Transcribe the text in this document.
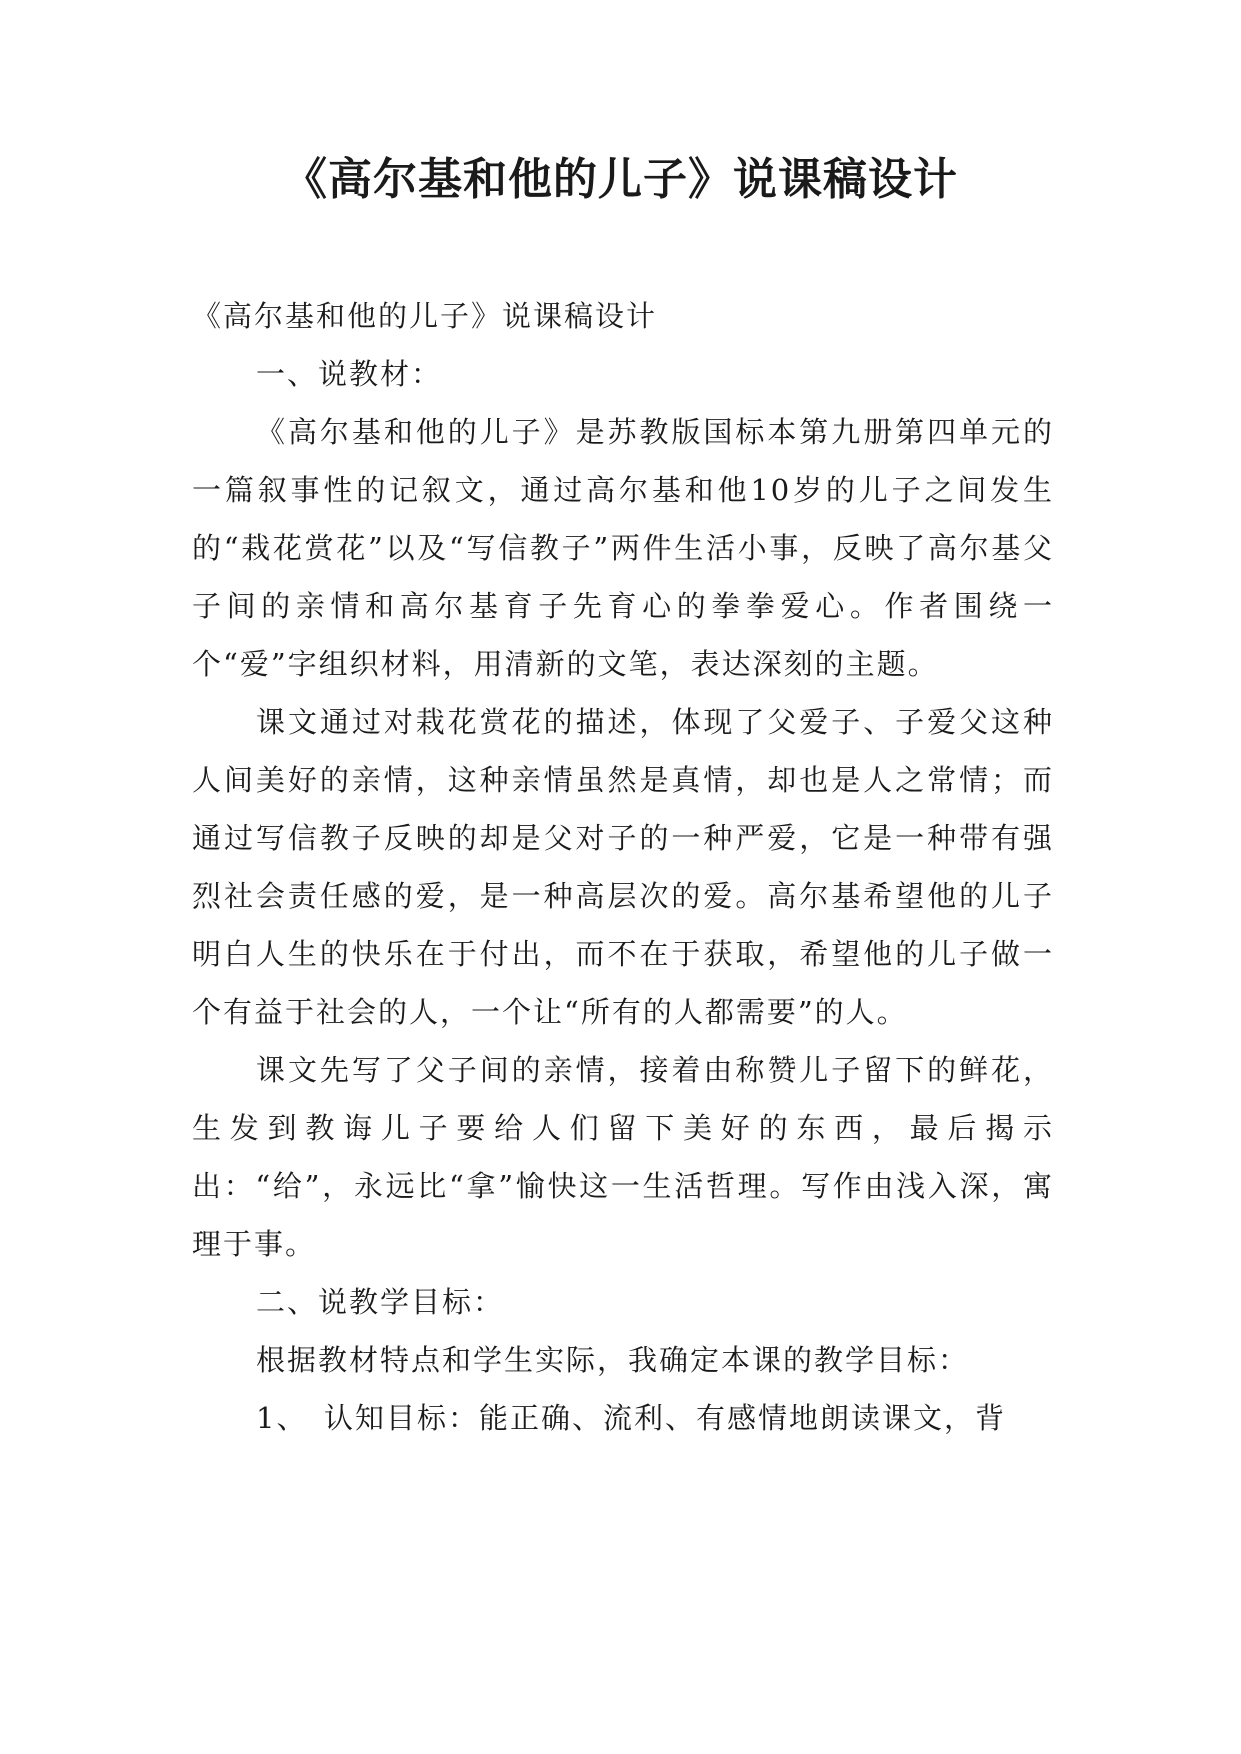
《高尔基和他的儿子》说课稿设计

《高尔基和他的儿子》说课稿设计

一、说教材：

《高尔基和他的儿子》是苏教版国标本第九册第四单元的一篇叙事性的记叙文，通过高尔基和他10岁的儿子之间发生的“栽花赏花”以及“写信教子”两件生活小事，反映了高尔基父子间的亲情和高尔基育子先育心的拳拳爱心。作者围绕一个“爱”字组织材料，用清新的文笔，表达深刻的主题。

课文通过对栽花赏花的描述，体现了父爱子、子爱父这种人间美好的亲情，这种亲情虽然是真情，却也是人之常情；而通过写信教子反映的却是父对子的一种严爱，它是一种带有强烈社会责任感的爱，是一种高层次的爱。高尔基希望他的儿子明白人生的快乐在于付出，而不在于获取，希望他的儿子做一个有益于社会的人，一个让“所有的人都需要”的人。

课文先写了父子间的亲情，接着由称赞儿子留下的鲜花，生发到教诲儿子要给人们留下美好的东西，最后揭示出：“给”，永远比“拿”愉快这一生活哲理。写作由浅入深，寓理于事。

二、说教学目标：

根据教材特点和学生实际，我确定本课的教学目标：

1、　认知目标：能正确、流利、有感情地朗读课文，背
